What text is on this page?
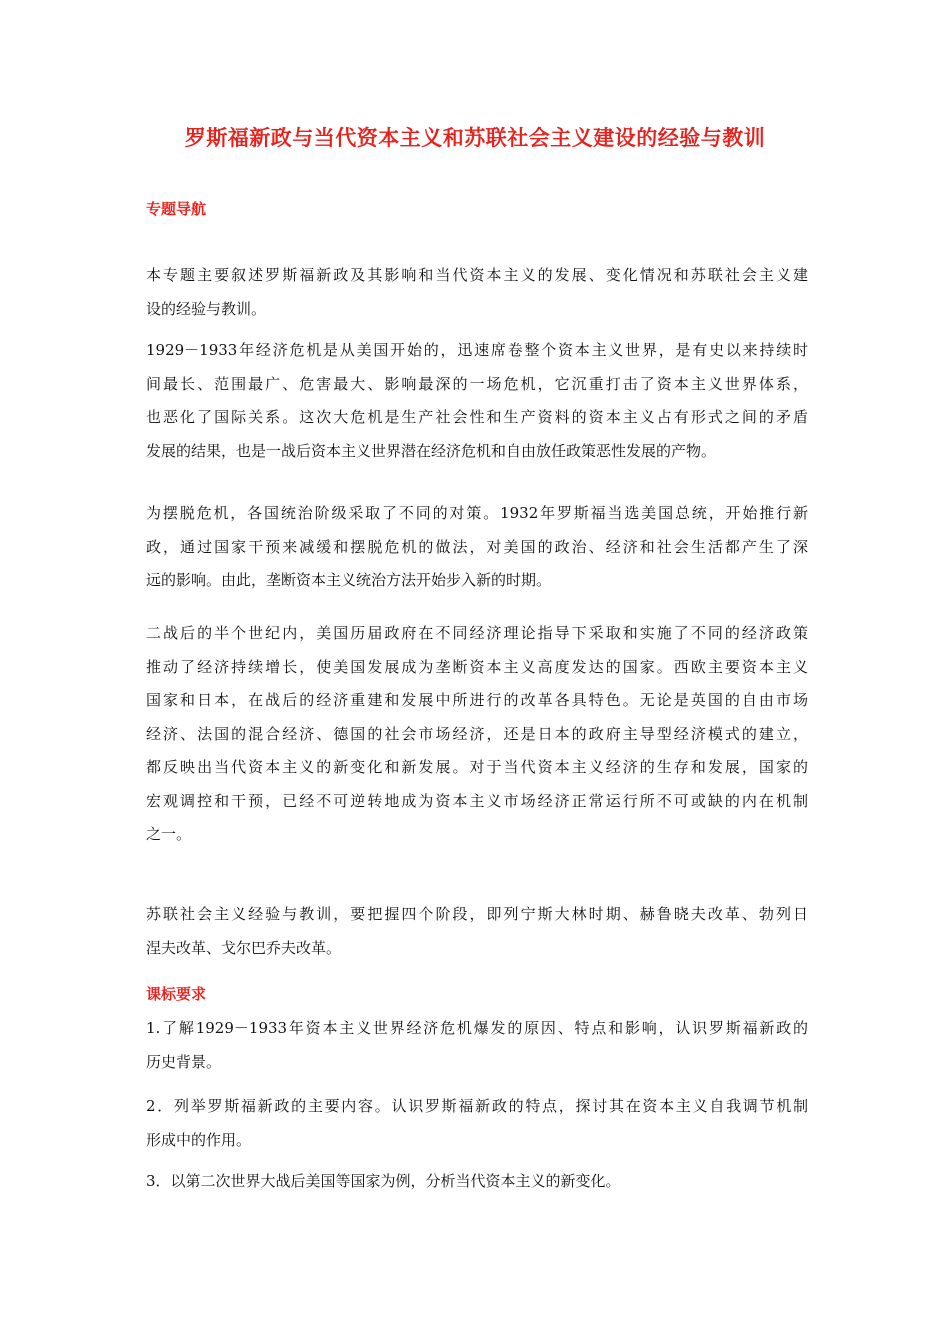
罗斯福新政与当代资本主义和苏联社会主义建设的经验与教训
专题导航
本专题主要叙述罗斯福新政及其影响和当代资本主义的发展、变化情况和苏联社会主义建
设的经验与教训。
1929－1933年经济危机是从美国开始的，迅速席卷整个资本主义世界，是有史以来持续时
间最长、范围最广、危害最大、影响最深的一场危机，它沉重打击了资本主义世界体系，
也恶化了国际关系。这次大危机是生产社会性和生产资料的资本主义占有形式之间的矛盾
发展的结果，也是一战后资本主义世界潜在经济危机和自由放任政策恶性发展的产物。
为摆脱危机，各国统治阶级采取了不同的对策。1932年罗斯福当选美国总统，开始推行新
政，通过国家干预来减缓和摆脱危机的做法，对美国的政治、经济和社会生活都产生了深
远的影响。由此，垄断资本主义统治方法开始步入新的时期。
二战后的半个世纪内，美国历届政府在不同经济理论指导下采取和实施了不同的经济政策
推动了经济持续增长，使美国发展成为垄断资本主义高度发达的国家。西欧主要资本主义
国家和日本，在战后的经济重建和发展中所进行的改革各具特色。无论是英国的自由市场
经济、法国的混合经济、德国的社会市场经济，还是日本的政府主导型经济模式的建立，
都反映出当代资本主义的新变化和新发展。对于当代资本主义经济的生存和发展，国家的
宏观调控和干预，已经不可逆转地成为资本主义市场经济正常运行所不可或缺的内在机制
之一。
苏联社会主义经验与教训，要把握四个阶段，即列宁斯大林时期、赫鲁晓夫改革、勃列日
涅夫改革、戈尔巴乔夫改革。
课标要求
1.了解1929－1933年资本主义世界经济危机爆发的原因、特点和影响，认识罗斯福新政的
历史背景。
2．列举罗斯福新政的主要内容。认识罗斯福新政的特点，探讨其在资本主义自我调节机制
形成中的作用。
3．以第二次世界大战后美国等国家为例，分析当代资本主义的新变化。
